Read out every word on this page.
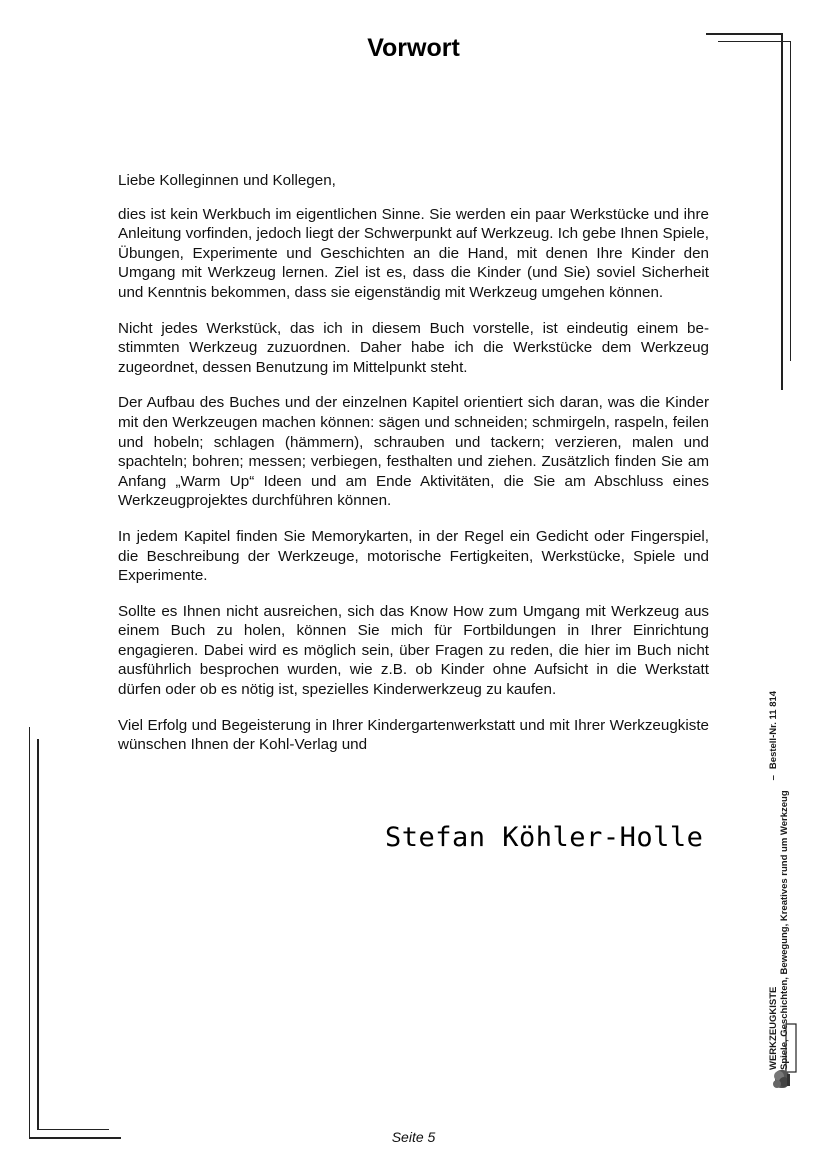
Vorwort

Liebe Kolleginnen und Kollegen,

dies ist kein Werkbuch im eigentlichen Sinne. Sie werden ein paar Werkstücke und ihre Anleitung vorfinden, jedoch liegt der Schwerpunkt auf Werkzeug. Ich gebe Ihnen Spiele, Übungen, Experimente und Geschichten an die Hand, mit denen Ihre Kinder den Umgang mit Werkzeug lernen. Ziel ist es, dass die Kinder (und Sie) soviel Sicherheit und Kenntnis bekommen, dass sie eigenständig mit Werkzeug umgehen können.

Nicht jedes Werkstück, das ich in diesem Buch vorstelle, ist eindeutig einem bestimmten Werkzeug zuzuordnen. Daher habe ich die Werkstücke dem Werkzeug zugeordnet, dessen Benutzung im Mittelpunkt steht.

Der Aufbau des Buches und der einzelnen Kapitel orientiert sich daran, was die Kinder mit den Werkzeugen machen können: sägen und schneiden; schmirgeln, raspeln, feilen und hobeln; schlagen (hämmern), schrauben und tackern; verzieren, malen und spachteln; bohren; messen; verbiegen, festhalten und ziehen. Zusätzlich finden Sie am Anfang „Warm Up“ Ideen und am Ende Aktivitäten, die Sie am Abschluss eines Werkzeugprojektes durchführen können.

In jedem Kapitel finden Sie Memorykarten, in der Regel ein Gedicht oder Fingerspiel, die Beschreibung der Werkzeuge, motorische Fertigkeiten, Werkstücke, Spiele und Experimente.

Sollte es Ihnen nicht ausreichen, sich das Know How zum Umgang mit Werkzeug aus einem Buch zu holen, können Sie mich für Fortbildungen in Ihrer Einrichtung engagieren. Dabei wird es möglich sein, über Fragen zu reden, die hier im Buch nicht ausführlich besprochen wurden, wie z.B. ob Kinder ohne Aufsicht in die Werkstatt dürfen oder ob es nötig ist, spezielles Kinderwerkzeug zu kaufen.

Viel Erfolg und Begeisterung in Ihrer Kindergartenwerkstatt und mit Ihrer Werkzeugkiste wünschen Ihnen der Kohl-Verlag und

Stefan Köhler-Holle
WERKZEUGKISTE Spiele, Geschichten, Bewegung, Kreatives rund um Werkzeug
–
Bestell-Nr. 11 814
Seite 5
